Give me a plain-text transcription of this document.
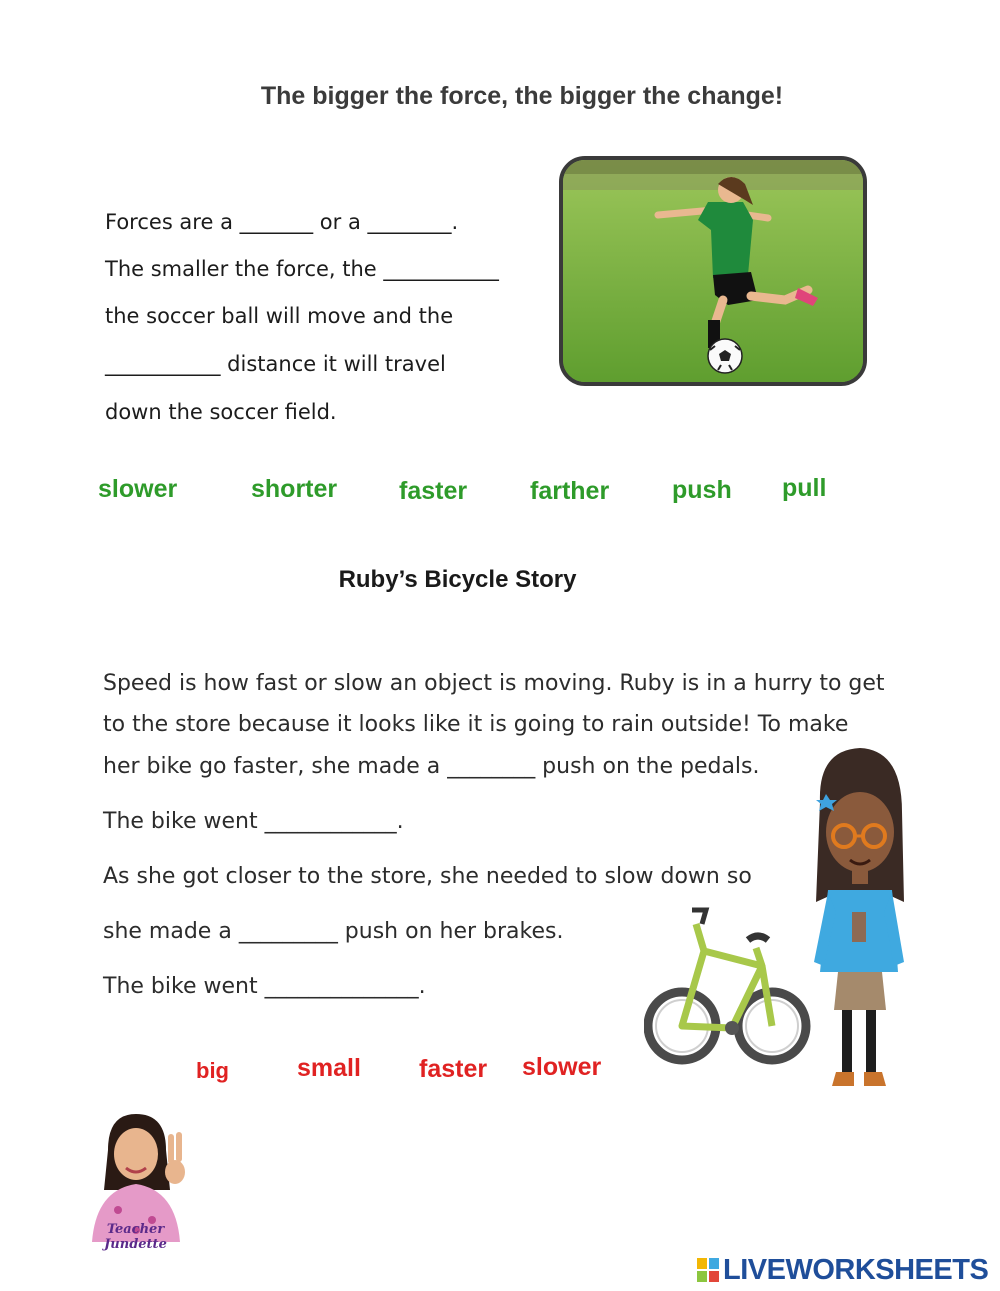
The bigger the force, the bigger the change!
Forces are a _______ or a ________.
The smaller the force, the ___________
the soccer ball will move and the
___________ distance it will travel
down the soccer field.
slower	shorter faster	farther	push pull
Ruby’s Bicycle Story
Speed is how fast or slow an object is moving. Ruby is in a hurry to get
to the store because it looks like it is going to rain outside! To make
her bike go faster, she made a ________ push on the pedals.
The bike went ____________.
As she got closer to the store, she needed to slow down so
she made a _________ push on her brakes.
The bike went ______________.
big	small faster slower
Teacher Jundette
LIVEWORKSHEETS
